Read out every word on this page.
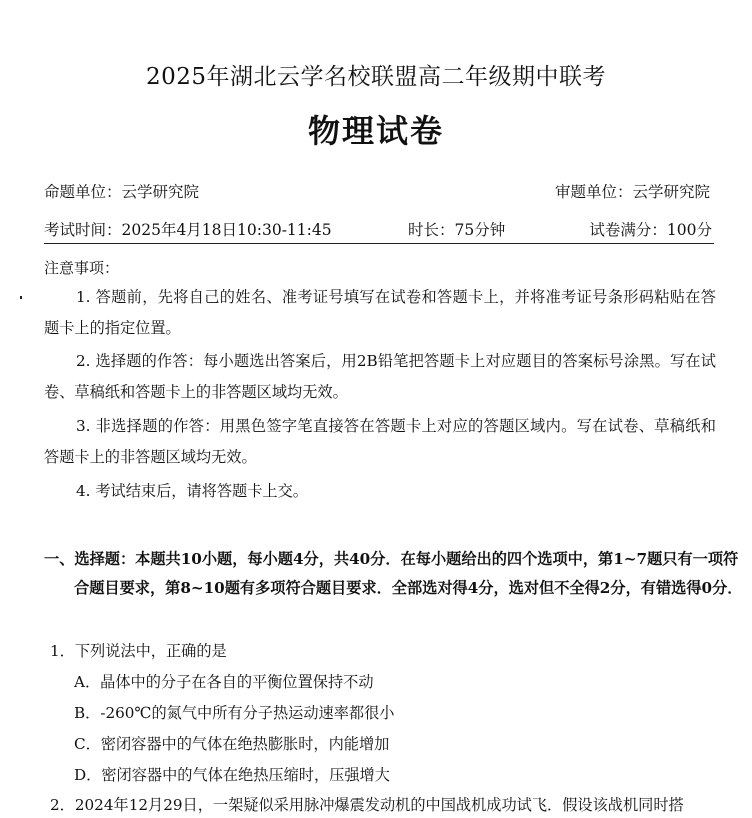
2025年湖北云学名校联盟高二年级期中联考
物理试卷
命题单位：云学研究院	审题单位：云学研究院
考试时间：2025年4月18日10:30-11:45	时长：75分钟	试卷满分：100分
注意事项：
1. 答题前，先将自己的姓名、准考证号填写在试卷和答题卡上，并将准考证号条形码粘贴在答题卡上的指定位置。
2. 选择题的作答：每小题选出答案后，用2B铅笔把答题卡上对应题目的答案标号涂黑。写在试卷、草稿纸和答题卡上的非答题区域均无效。
3. 非选择题的作答：用黑色签字笔直接答在答题卡上对应的答题区域内。写在试卷、草稿纸和答题卡上的非答题区域均无效。
4. 考试结束后，请将答题卡上交。
一、选择题：本题共10小题，每小题4分，共40分．在每小题给出的四个选项中，第1~7题只有一项符合题目要求，第8~10题有多项符合题目要求．全部选对得4分，选对但不全得2分，有错选得0分．
1．下列说法中，正确的是
A．晶体中的分子在各自的平衡位置保持不动
B．-260℃的氮气中所有分子热运动速率都很小
C．密闭容器中的气体在绝热膨胀时，内能增加
D．密闭容器中的气体在绝热压缩时，压强增大
2．2024年12月29日，一架疑似采用脉冲爆震发动机的中国战机成功试飞．假设该战机同时搭
